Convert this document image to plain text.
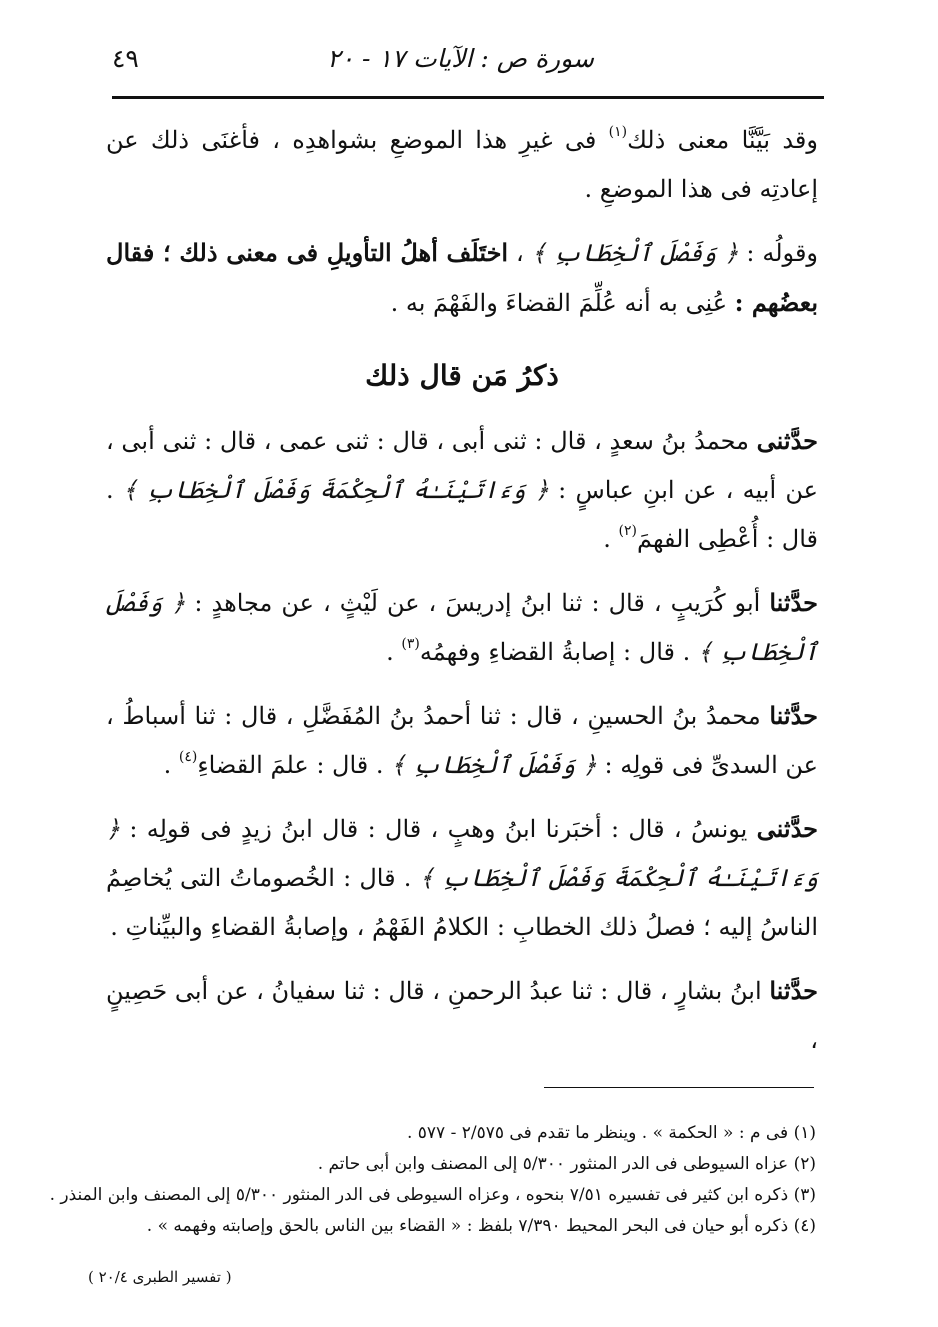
سورة ص : الآيات ١٧ - ٢٠
٤٩

وقد بَيَّنَّا معنى ذلك$^{(١)}$ فى غيرِ هذا الموضعِ بشواهدِه ، فأغنَى ذلك عن إعادتِه فى هذا الموضعِ .

وقولُه : ﴿ وَفَصْلَ ٱلْخِطَابِ ﴾ ، اختَلَف أهلُ التأويلِ فى معنى ذلك ؛ فقال بعضُهم : عُنِى به أنه عُلِّمَ القضاءَ والفَهْمَ به .

ذكرُ مَن قال ذلك

حدَّثنى محمدُ بنُ سعدٍ ، قال : ثنى أبى ، قال : ثنى عمى ، قال : ثنى أبى ، عن أبيه ، عن ابنِ عباسٍ : ﴿ وَءَاتَيْنَـٰهُ ٱلْحِكْمَةَ وَفَصْلَ ٱلْخِطَابِ ﴾ . قال : أُعْطِى الفهمَ$^{(٢)}$ .

حدَّثنا أبو كُرَيبٍ ، قال : ثنا ابنُ إدريسَ ، عن لَيْثٍ ، عن مجاهدٍ : ﴿ وَفَصْلَ ٱلْخِطَابِ ﴾ . قال : إصابةُ القضاءِ وفهمُه$^{(٣)}$ .

حدَّثنا محمدُ بنُ الحسينِ ، قال : ثنا أحمدُ بنُ المُفَضَّلِ ، قال : ثنا أسباطُ ، عن السدىِّ فى قولِه : ﴿ وَفَصْلَ ٱلْخِطَابِ ﴾ . قال : علمَ القضاءِ$^{(٤)}$ .

حدَّثنى يونسُ ، قال : أخبَرنا ابنُ وهبٍ ، قال : قال ابنُ زيدٍ فى قولِه : ﴿ وَءَاتَيْنَـٰهُ ٱلْحِكْمَةَ وَفَصْلَ ٱلْخِطَابِ ﴾ . قال : الخُصوماتُ التى يُخاصِمُ الناسُ إليه ؛ فصلُ ذلك الخطابِ : الكلامُ الفَهْمُ ، وإصابةُ القضاءِ والبيِّناتِ .

حدَّثنا ابنُ بشارٍ ، قال : ثنا عبدُ الرحمنِ ، قال : ثنا سفيانُ ، عن أبى حَصِينٍ ،

(١) فى م : « الحكمة » . وينظر ما تقدم فى ٢/٥٧٥ - ٥٧٧ .
(٢) عزاه السيوطى فى الدر المنثور ٥/٣٠٠ إلى المصنف وابن أبى حاتم .
(٣) ذكره ابن كثير فى تفسيره ٧/٥١ بنحوه ، وعزاه السيوطى فى الدر المنثور ٥/٣٠٠ إلى المصنف وابن المنذر .
(٤) ذكره أبو حيان فى البحر المحيط ٧/٣٩٠ بلفظ : « القضاء بين الناس بالحق وإصابته وفهمه » .
( تفسير الطبرى ٢٠/٤ )
